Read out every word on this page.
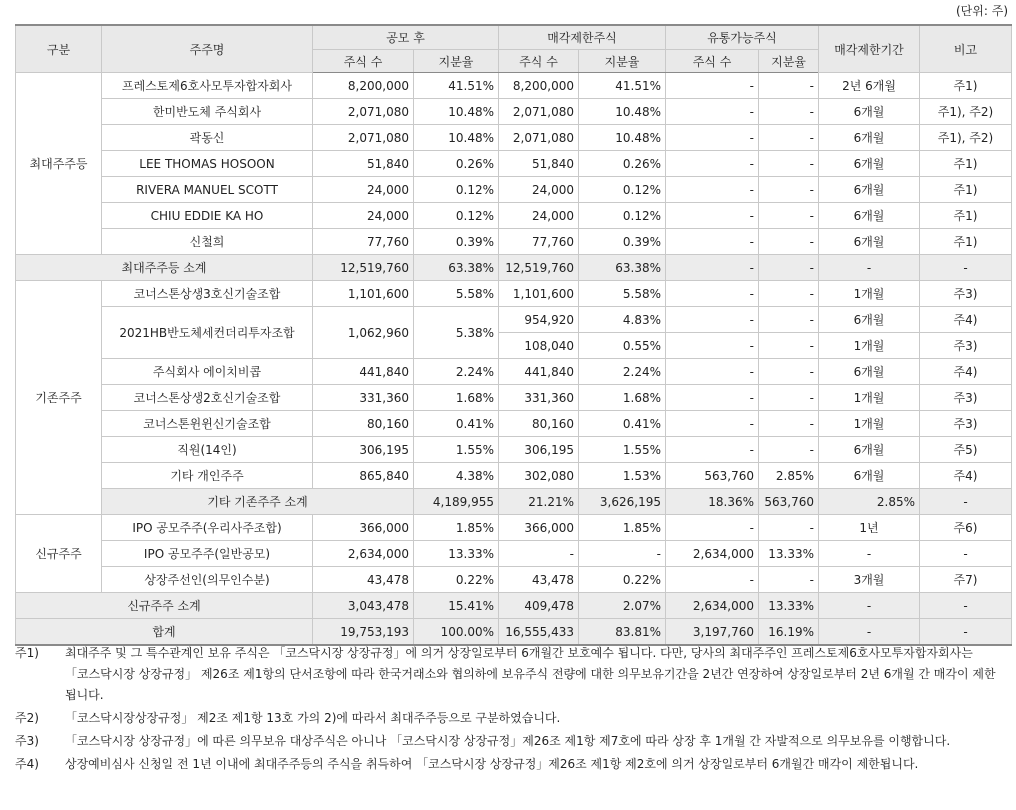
(단위: 주)
구분	주주명	공모 후		매각제한주식		유통가능주식		매각제한기간	비고	
		주식 수	지분율	주식 수	지분율	주식 수	지분율			
최대주주등	프레스토제6호사모투자합자회사	8,200,000	41.51%	8,200,000	41.51%	-	-	2년 6개월	주1)	
	한미반도체 주식회사	2,071,080	10.48%	2,071,080	10.48%	-	-	6개월	주1), 주2)	
	곽동신	2,071,080	10.48%	2,071,080	10.48%	-	-	6개월	주1), 주2)	
	LEE THOMAS HOSOON	51,840	0.26%	51,840	0.26%	-	-	6개월	주1)	
	RIVERA MANUEL SCOTT	24,000	0.12%	24,000	0.12%	-	-	6개월	주1)	
	CHIU EDDIE KA HO	24,000	0.12%	24,000	0.12%	-	-	6개월	주1)	
	신철희	77,760	0.39%	77,760	0.39%	-	-	6개월	주1)	
최대주주등 소계		12,519,760	63.38%	12,519,760	63.38%	-	-	-	-	
기존주주	코너스톤상생3호신기술조합	1,101,600	5.58%	1,101,600	5.58%	-	-	1개월	주3)	
	2021HB반도체세컨더리투자조합	1,062,960	5.38%	954,920	4.83%	-	-	6개월	주4)	
				108,040	0.55%	-	-	1개월	주3)	
	주식회사 에이치비콥	441,840	2.24%	441,840	2.24%	-	-	6개월	주4)	
	코너스톤상생2호신기술조합	331,360	1.68%	331,360	1.68%	-	-	1개월	주3)	
	코너스톤윈윈신기술조합	80,160	0.41%	80,160	0.41%	-	-	1개월	주3)	
	직원(14인)	306,195	1.55%	306,195	1.55%	-	-	6개월	주5)	
	기타 개인주주	865,840	4.38%	302,080	1.53%	563,760	2.85%	6개월	주4)	
	기타 기존주주 소계		4,189,955	21.21%	3,626,195	18.36%	563,760	2.85%	-	
신규주주	IPO 공모주주(우리사주조합)	366,000	1.85%	366,000	1.85%	-	-	1년	주6)	
	IPO 공모주주(일반공모)	2,634,000	13.33%	-	-	2,634,000	13.33%	-	-	
	상장주선인(의무인수분)	43,478	0.22%	43,478	0.22%	-	-	3개월	주7)	
신규주주 소계		3,043,478	15.41%	409,478	2.07%	2,634,000	13.33%	-	-	
합계		19,753,193	100.00%	16,555,433	83.81%	3,197,760	16.19%	-	-	
주1)	최대주주 및 그 특수관계인 보유 주식은 「코스닥시장 상장규정」에 의거 상장일로부터 6개월간 보호예수 됩니다. 다만, 당사의 최대주주인 프레스토제6호사모투자합자회사는 「코스닥시장 상장규정」 제26조 제1항의 단서조항에 따라 한국거래소와 협의하에 보유주식 전량에 대한 의무보유기간을 2년간 연장하여 상장일로부터 2년 6개월 간 매각이 제한됩니다.
주2)	「코스닥시장상장규정」 제2조 제1항 13호 가의 2)에 따라서 최대주주등으로 구분하였습니다.
주3)	「코스닥시장 상장규정」에 따른 의무보유 대상주식은 아니나 「코스닥시장 상장규정」제26조 제1항 제7호에 따라 상장 후 1개월 간 자발적으로 의무보유를 이행합니다.
주4)	상장예비심사 신청일 전 1년 이내에 최대주주등의 주식을 취득하여 「코스닥시장 상장규정」제26조 제1항 제2호에 의거 상장일로부터 6개월간 매각이 제한됩니다.
